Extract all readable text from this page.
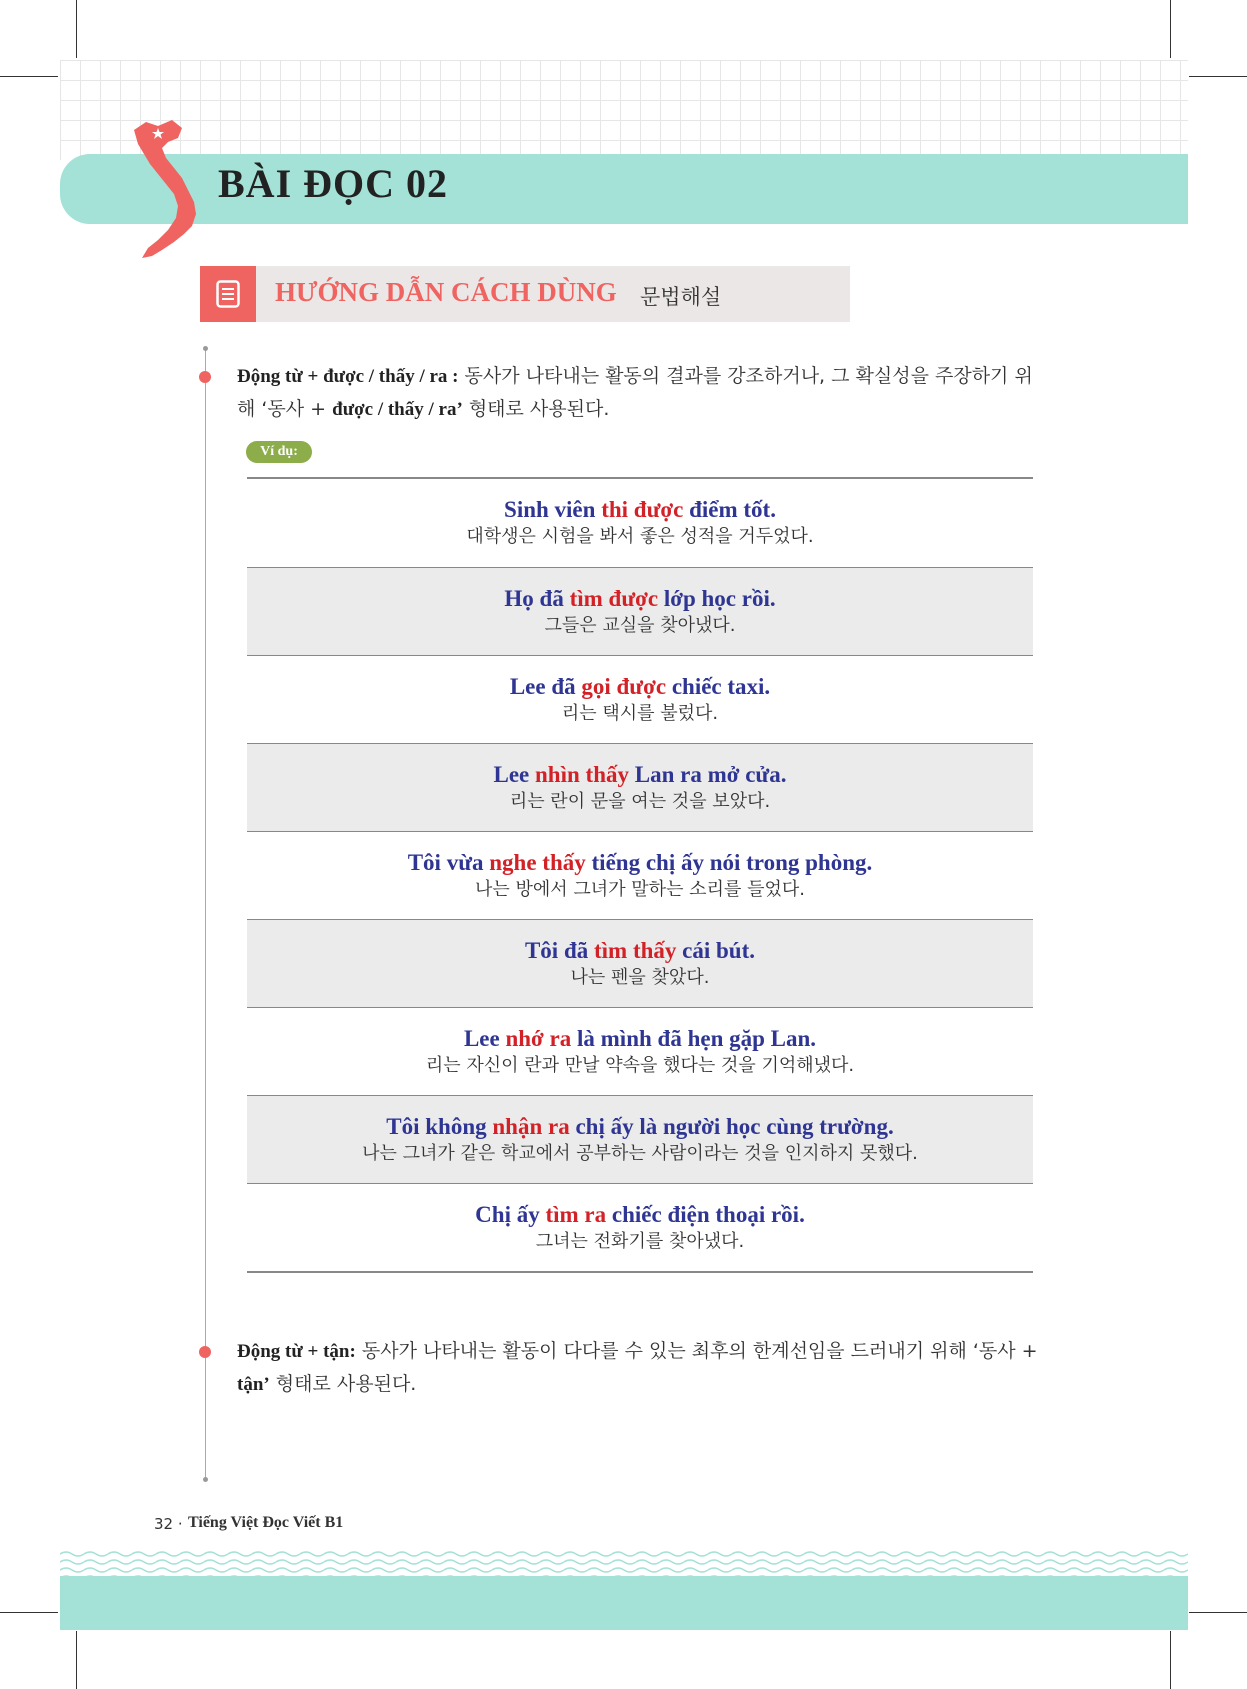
BÀI ĐỌC 02
HƯỚNG DẪN CÁCH DÙNG 문법해설
Động từ + được / thấy / ra : 동사가 나타내는 활동의 결과를 강조하거나, 그 확실성을 주장하기 위
해 ‘동사 + được / thấy / ra’ 형태로 사용된다.
Ví dụ:
Sinh viên thi được điểm tốt.
대학생은 시험을 봐서 좋은 성적을 거두었다.
Họ đã tìm được lớp học rồi.
그들은 교실을 찾아냈다.
Lee đã gọi được chiếc taxi.
리는 택시를 불렀다.
Lee nhìn thấy Lan ra mở cửa.
리는 란이 문을 여는 것을 보았다.
Tôi vừa nghe thấy tiếng chị ấy nói trong phòng.
나는 방에서 그녀가 말하는 소리를 들었다.
Tôi đã tìm thấy cái bút.
나는 펜을 찾았다.
Lee nhớ ra là mình đã hẹn gặp Lan.
리는 자신이 란과 만날 약속을 했다는 것을 기억해냈다.
Tôi không nhận ra chị ấy là người học cùng trường.
나는 그녀가 같은 학교에서 공부하는 사람이라는 것을 인지하지 못했다.
Chị ấy tìm ra chiếc điện thoại rồi.
그녀는 전화기를 찾아냈다.
Động từ + tận: 동사가 나타내는 활동이 다다를 수 있는 최후의 한계선임을 드러내기 위해 ‘동사 +
tận’ 형태로 사용된다.
32 · Tiếng Việt Đọc Viết B1
